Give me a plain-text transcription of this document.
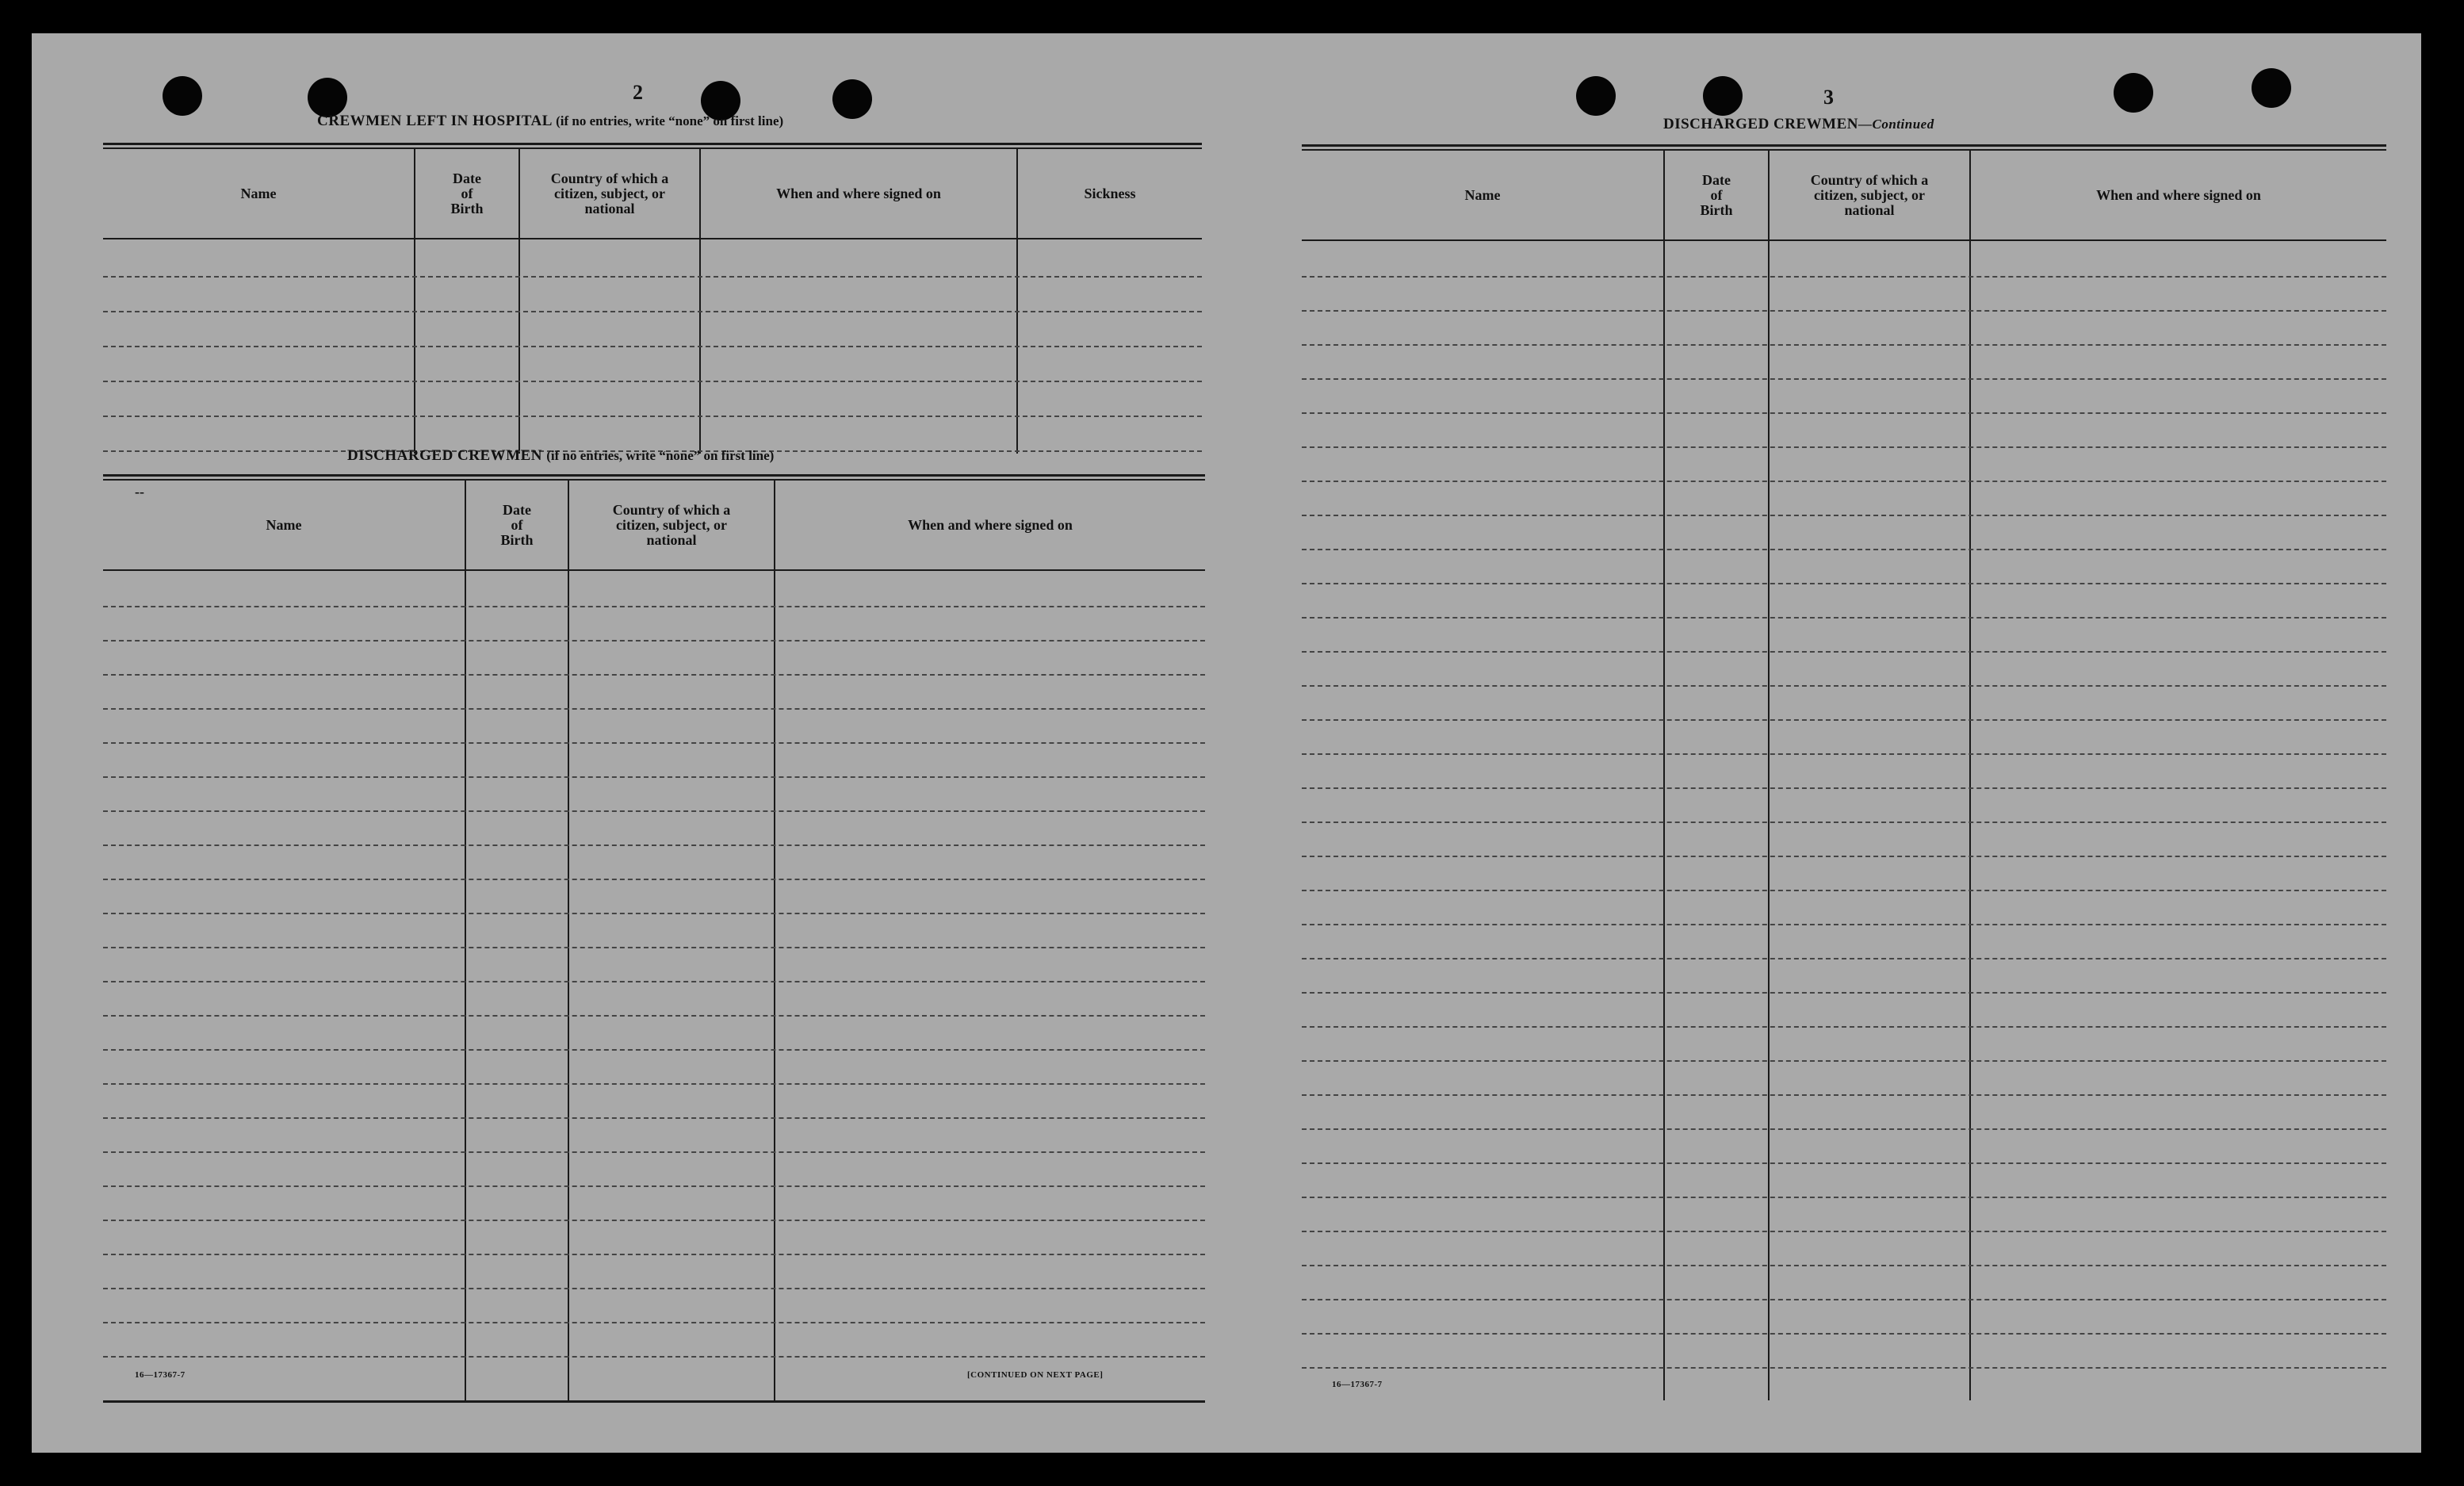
2
CREWMEN LEFT IN HOSPITAL (if no entries, write “none” on first line)
Name
Date
of
Birth
Country of which a
citizen, subject, or
national
When and where signed on	Sickness
--
DISCHARGED CREWMEN (if no entries, write “none” on first line)
Name
Date
of
Birth
Country of which a
citizen, subject, or
national
When and where signed on
16—17367-7	[CONTINUED ON NEXT PAGE]
3
DISCHARGED CREWMEN—Continued
Name
Date
of
Birth
Country of which a
citizen, subject, or
national
When and where signed on
16—17367-7
